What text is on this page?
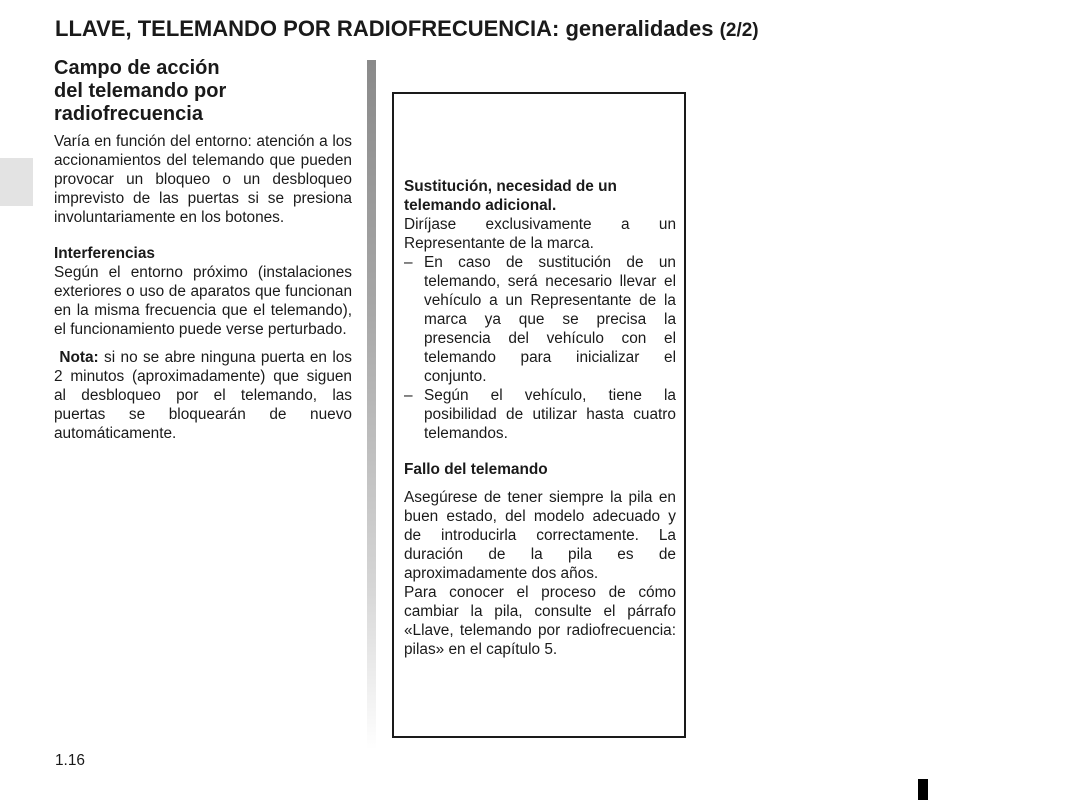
LLAVE, TELEMANDO POR RADIOFRECUENCIA: generalidades (2/2)
Campo de acción
del telemando por
radiofrecuencia

Varía en función del entorno: atención a los accionamientos del telemando que pueden provocar un bloqueo o un desbloqueo imprevisto de las puertas si se presiona involuntariamente en los botones.

Interferencias

Según el entorno próximo (instalaciones exteriores o uso de aparatos que funcionan en la misma frecuencia que el telemando), el funcionamiento puede verse perturbado.

Nota: si no se abre ninguna puerta en los 2 minutos (aproximadamente) que siguen al desbloqueo por el telemando, las puertas se bloquearán de nuevo automáticamente.

Sustitución, necesidad de un telemando adicional.

Diríjase exclusivamente a un Representante de la marca.

– En caso de sustitución de un telemando, será necesario llevar el vehículo a un Representante de la marca ya que se precisa la presencia del vehículo con el telemando para inicializar el conjunto.
– Según el vehículo, tiene la posibilidad de utilizar hasta cuatro telemandos.

Fallo del telemando

Asegúrese de tener siempre la pila en buen estado, del modelo adecuado y de introducirla correctamente. La duración de la pila es de aproximadamente dos años.

Para conocer el proceso de cómo cambiar la pila, consulte el párrafo «Llave, telemando por radiofrecuencia: pilas» en el capítulo 5.

1.16
